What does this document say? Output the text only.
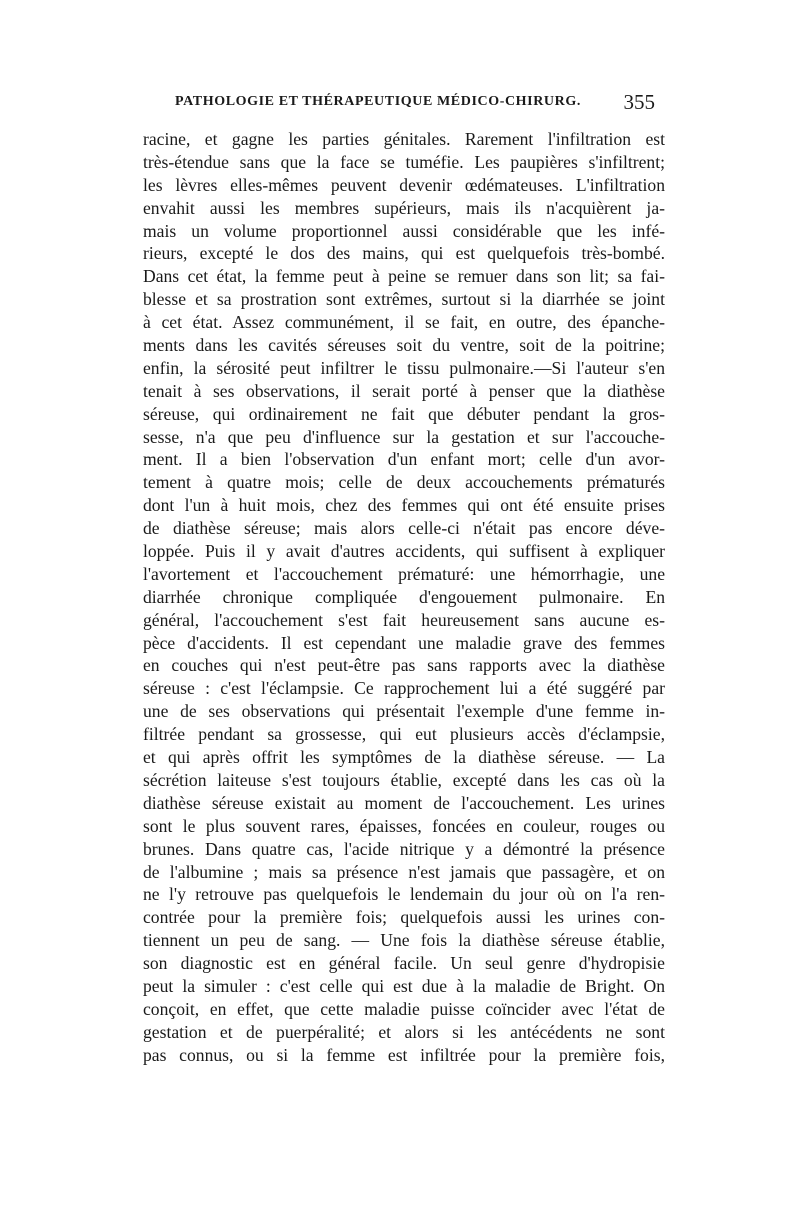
PATHOLOGIE ET THÉRAPEUTIQUE MÉDICO-CHIRURG. 355
racine, et gagne les parties génitales. Rarement l'infiltration est
très-étendue sans que la face se tuméfie. Les paupières s'infiltrent;
les lèvres elles-mêmes peuvent devenir œdémateuses. L'infiltration
envahit aussi les membres supérieurs, mais ils n'acquièrent ja-
mais un volume proportionnel aussi considérable que les infé-
rieurs, excepté le dos des mains, qui est quelquefois très-bombé.
Dans cet état, la femme peut à peine se remuer dans son lit; sa fai-
blesse et sa prostration sont extrêmes, surtout si la diarrhée se joint
à cet état. Assez communément, il se fait, en outre, des épanche-
ments dans les cavités séreuses soit du ventre, soit de la poitrine;
enfin, la sérosité peut infiltrer le tissu pulmonaire.—Si l'auteur s'en
tenait à ses observations, il serait porté à penser que la diathèse
séreuse, qui ordinairement ne fait que débuter pendant la gros-
sesse, n'a que peu d'influence sur la gestation et sur l'accouche-
ment. Il a bien l'observation d'un enfant mort; celle d'un avor-
tement à quatre mois; celle de deux accouchements prématurés
dont l'un à huit mois, chez des femmes qui ont été ensuite prises
de diathèse séreuse; mais alors celle-ci n'était pas encore déve-
loppée. Puis il y avait d'autres accidents, qui suffisent à expliquer
l'avortement et l'accouchement prématuré: une hémorrhagie, une
diarrhée chronique compliquée d'engouement pulmonaire. En
général, l'accouchement s'est fait heureusement sans aucune es-
pèce d'accidents. Il est cependant une maladie grave des femmes
en couches qui n'est peut-être pas sans rapports avec la diathèse
séreuse : c'est l'éclampsie. Ce rapprochement lui a été suggéré par
une de ses observations qui présentait l'exemple d'une femme in-
filtrée pendant sa grossesse, qui eut plusieurs accès d'éclampsie,
et qui après offrit les symptômes de la diathèse séreuse. — La
sécrétion laiteuse s'est toujours établie, excepté dans les cas où la
diathèse séreuse existait au moment de l'accouchement. Les urines
sont le plus souvent rares, épaisses, foncées en couleur, rouges ou
brunes. Dans quatre cas, l'acide nitrique y a démontré la présence
de l'albumine ; mais sa présence n'est jamais que passagère, et on
ne l'y retrouve pas quelquefois le lendemain du jour où on l'a ren-
contrée pour la première fois; quelquefois aussi les urines con-
tiennent un peu de sang. — Une fois la diathèse séreuse établie,
son diagnostic est en général facile. Un seul genre d'hydropisie
peut la simuler : c'est celle qui est due à la maladie de Bright. On
conçoit, en effet, que cette maladie puisse coïncider avec l'état de
gestation et de puerpéralité; et alors si les antécédents ne sont
pas connus, ou si la femme est infiltrée pour la première fois,
